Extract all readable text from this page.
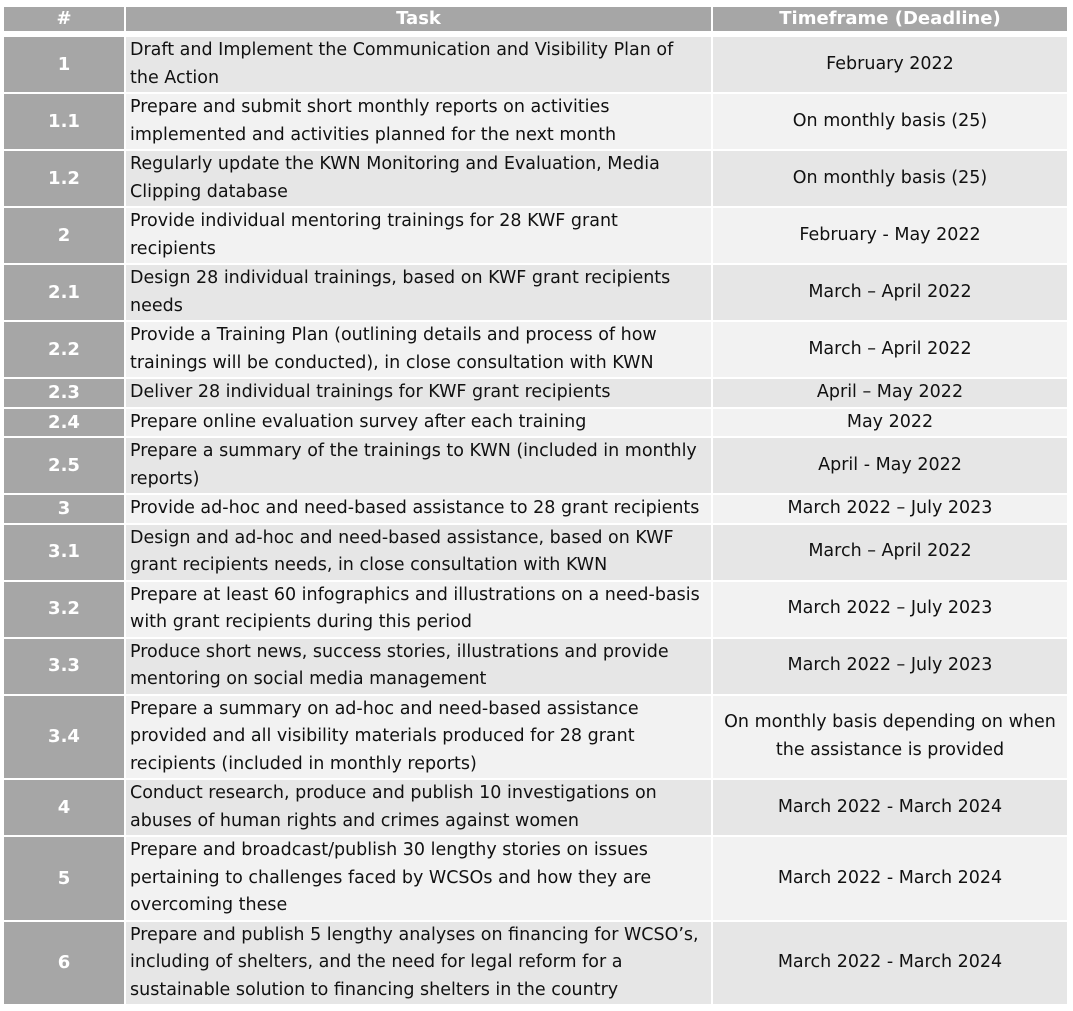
#	Task	Timeframe (Deadline)

1	Draft and Implement the Communication and Visibility Plan of the Action	February 2022
1.1	Prepare and submit short monthly reports on activities implemented and activities planned for the next month	On monthly basis (25)
1.2	Regularly update the KWN Monitoring and Evaluation, Media Clipping database	On monthly basis (25)
2	Provide individual mentoring trainings for 28 KWF grant recipients	February - May 2022
2.1	Design 28 individual trainings, based on KWF grant recipients needs	March – April 2022
2.2	Provide a Training Plan (outlining details and process of how trainings will be conducted), in close consultation with KWN	March – April 2022
2.3	Deliver 28 individual trainings for KWF grant recipients	April – May 2022
2.4	Prepare online evaluation survey after each training	May 2022
2.5	Prepare a summary of the trainings to KWN (included in monthly reports)	April - May 2022
3	Provide ad-hoc and need-based assistance to 28 grant recipients	March 2022 – July 2023
3.1	Design and ad-hoc and need-based assistance, based on KWF grant recipients needs, in close consultation with KWN	March – April 2022
3.2	Prepare at least 60 infographics and illustrations on a need-basis with grant recipients during this period	March 2022 – July 2023
3.3	Produce short news, success stories, illustrations and provide mentoring on social media management	March 2022 – July 2023
3.4	Prepare a summary on ad-hoc and need-based assistance provided and all visibility materials produced for 28 grant recipients (included in monthly reports)	On monthly basis depending on when the assistance is provided
4	Conduct research, produce and publish 10 investigations on abuses of human rights and crimes against women	March 2022 - March 2024
5	Prepare and broadcast/publish 30 lengthy stories on issues pertaining to challenges faced by WCSOs and how they are overcoming these	March 2022 - March 2024
6	Prepare and publish 5 lengthy analyses on financing for WCSO’s, including of shelters, and the need for legal reform for a sustainable solution to financing shelters in the country	March 2022 - March 2024
